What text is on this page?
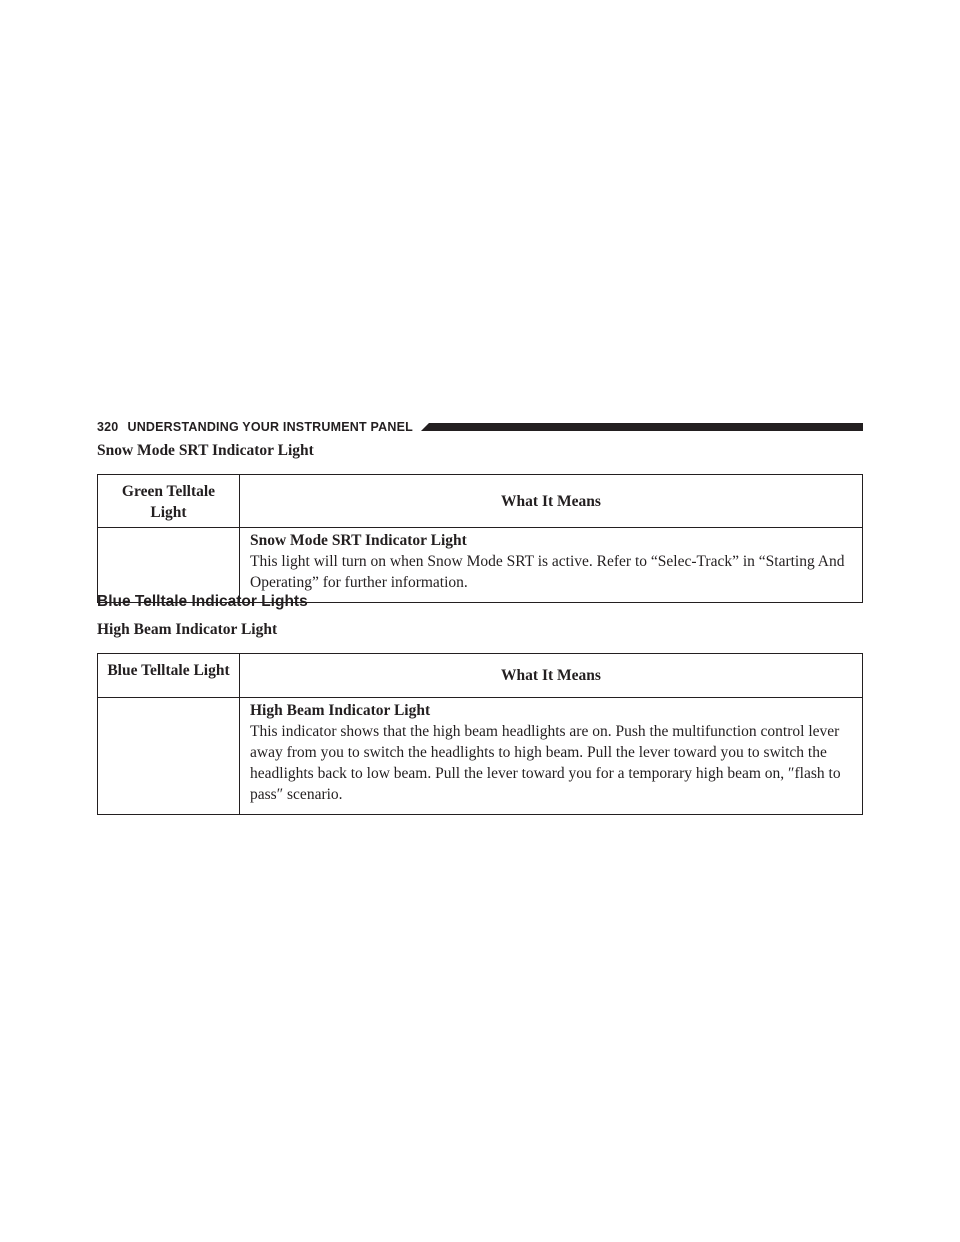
320 UNDERSTANDING YOUR INSTRUMENT PANEL
Snow Mode SRT Indicator Light
Green Telltale Light	What It Means

	Snow Mode SRT Indicator Light
This light will turn on when Snow Mode SRT is active. Refer to “Selec-Track” in “Starting And Operating” for further information.
Blue Telltale Indicator Lights
High Beam Indicator Light
Blue Telltale Light	What It Means

	High Beam Indicator Light
This indicator shows that the high beam headlights are on. Push the multifunction control lever away from you to switch the headlights to high beam. Pull the lever toward you to switch the headlights back to low beam. Pull the lever toward you for a temporary high beam on, ″flash to pass″ scenario.
